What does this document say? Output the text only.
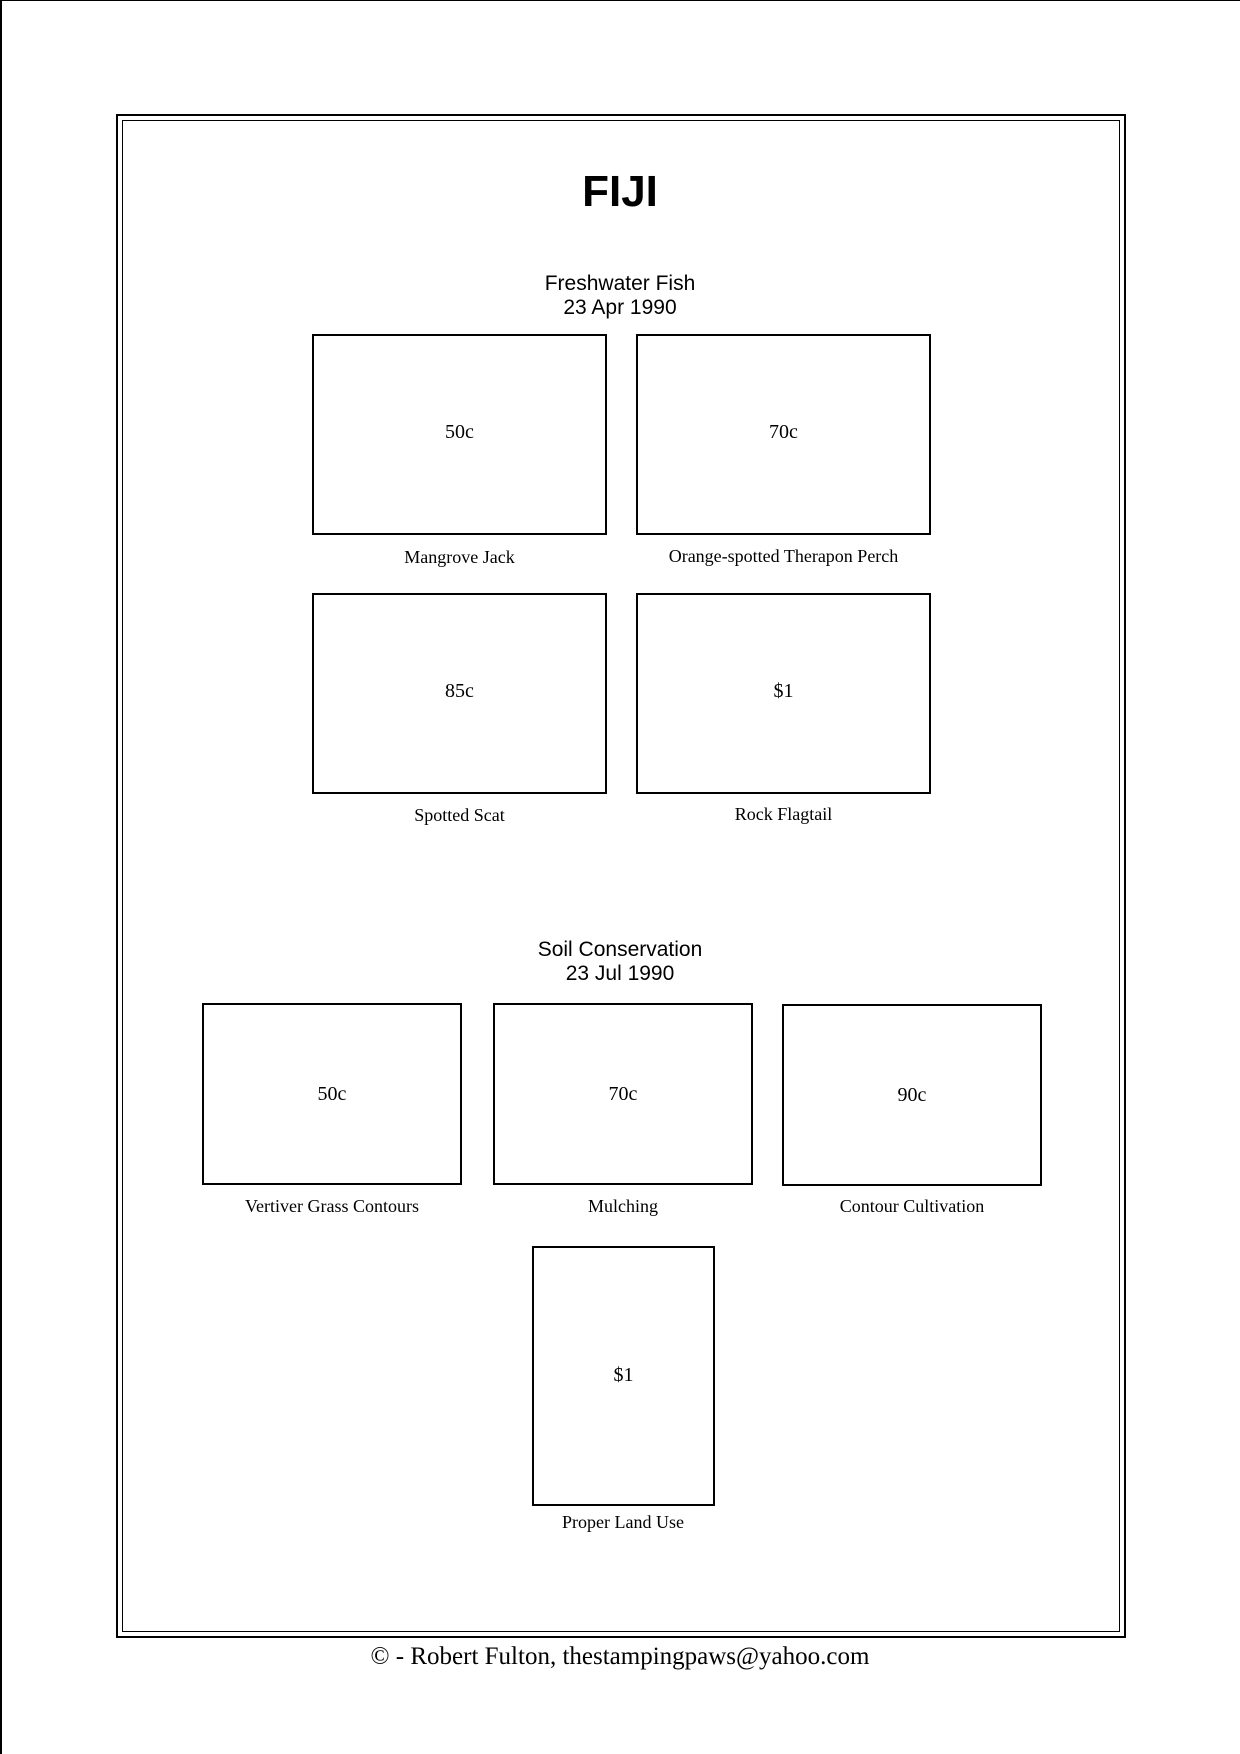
FIJI
Freshwater Fish
23 Apr 1990
50c
Mangrove Jack
70c
Orange-spotted Therapon Perch
85c
Spotted Scat
$1
Rock Flagtail
Soil Conservation
23 Jul 1990
50c
Vertiver Grass Contours
70c
Mulching
90c
Contour Cultivation
$1
Proper Land Use
© - Robert Fulton, thestampingpaws@yahoo.com
